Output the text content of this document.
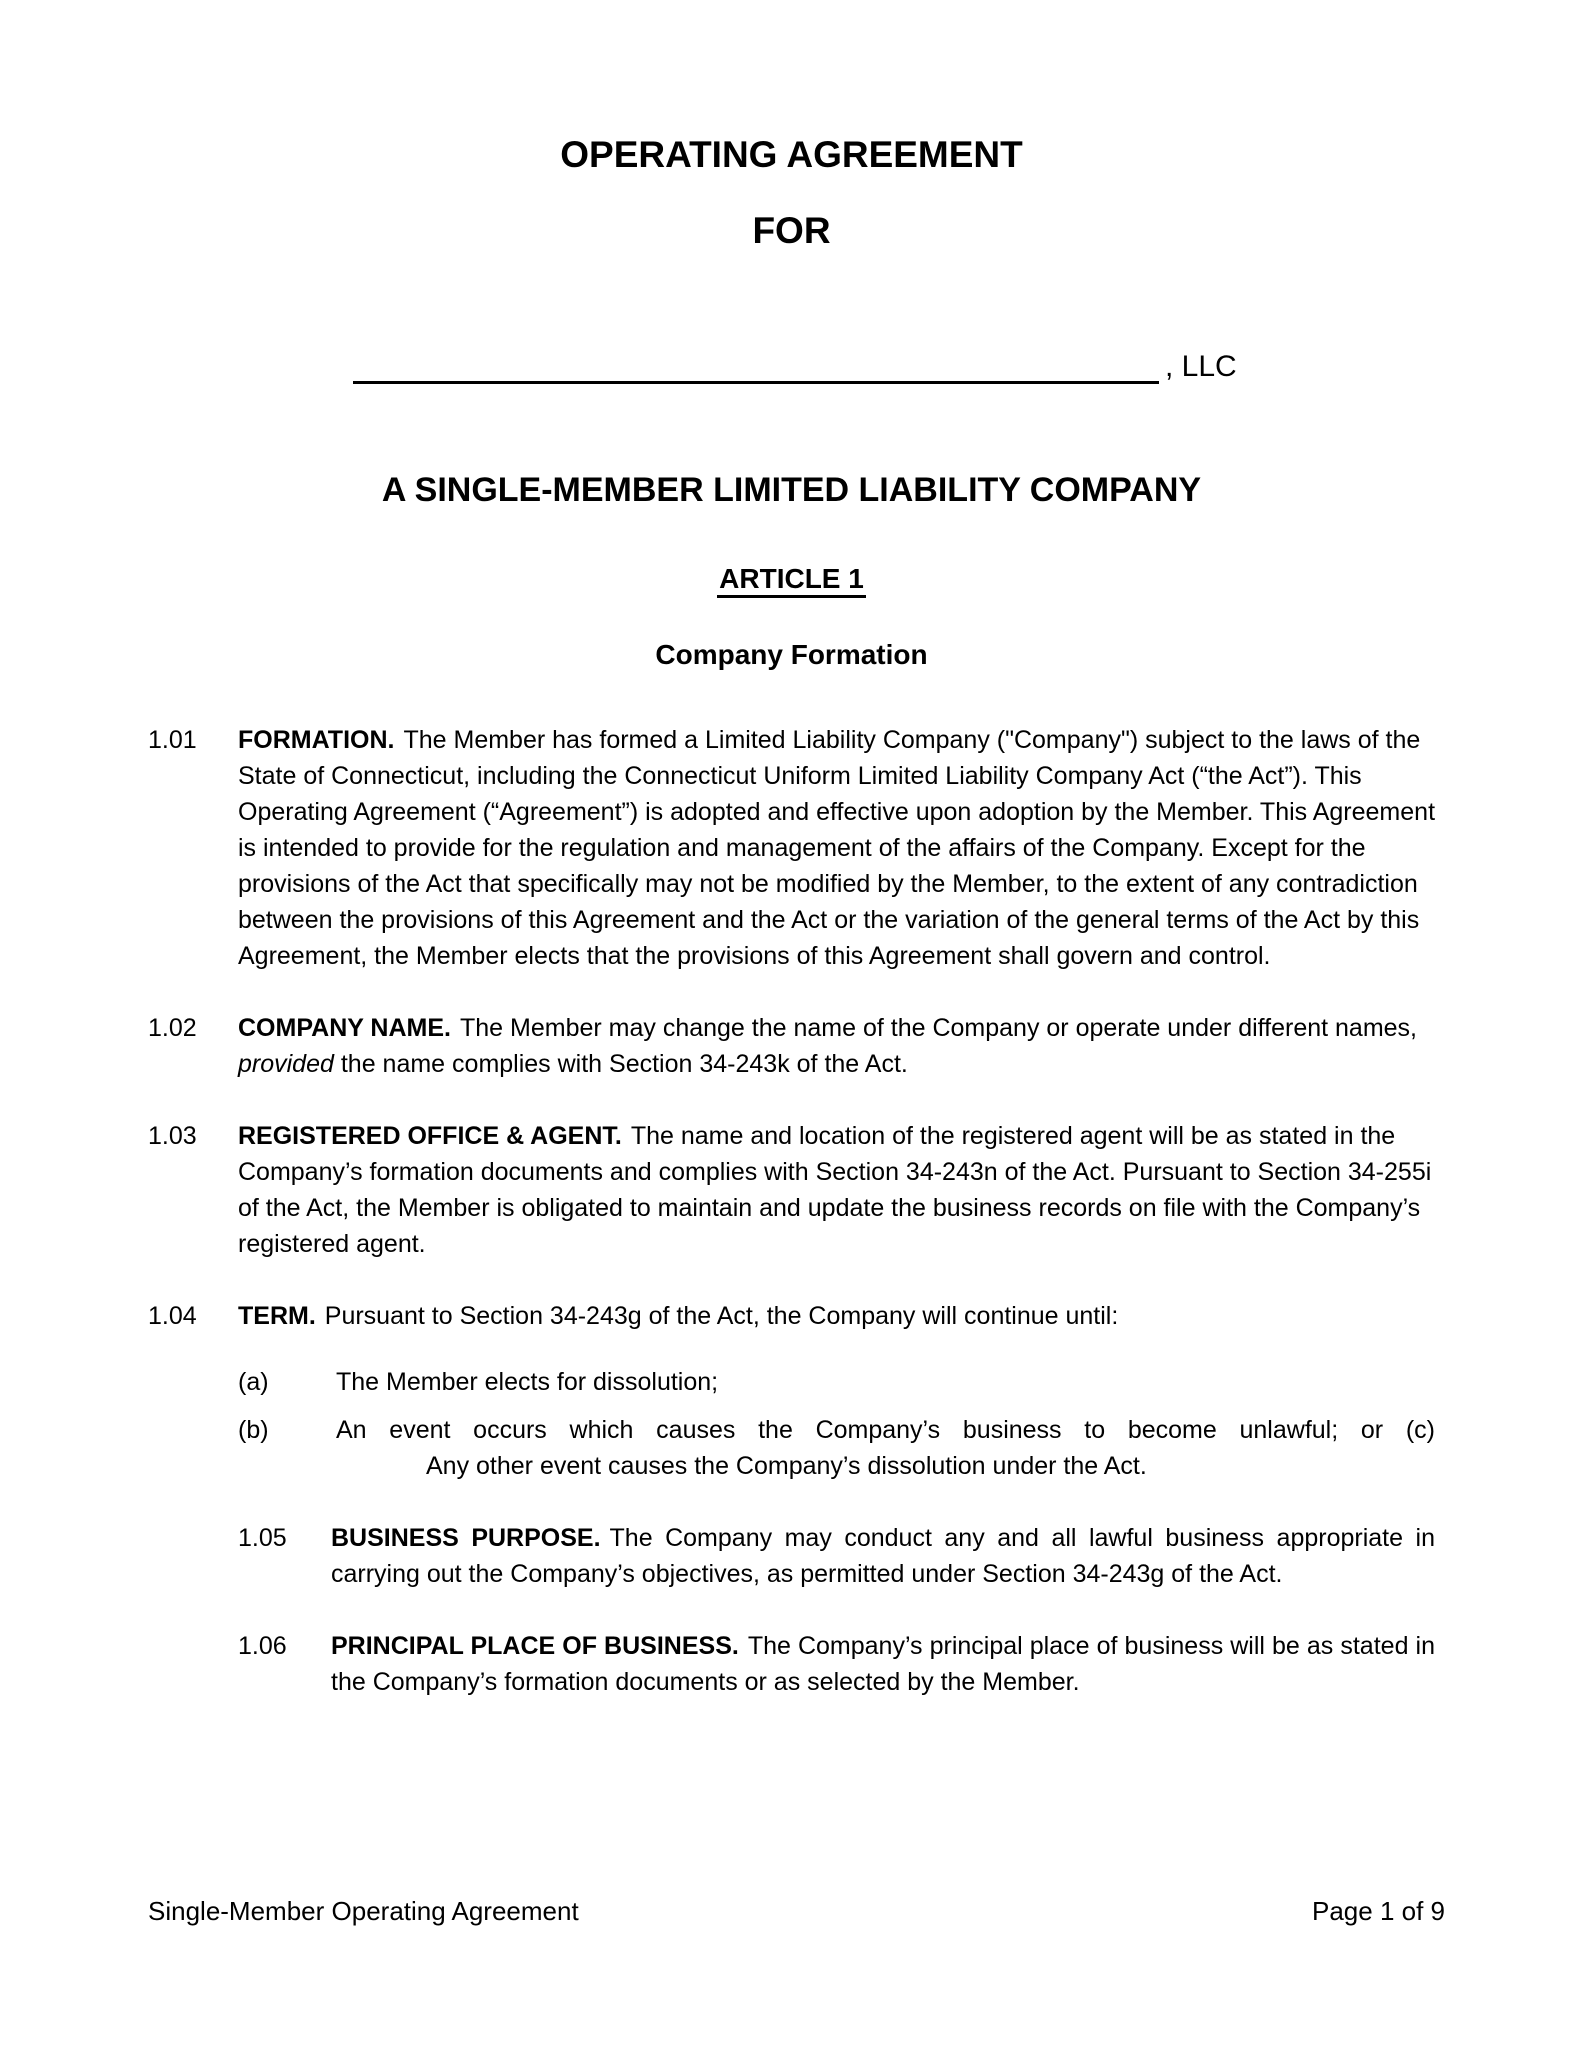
OPERATING AGREEMENT
FOR
, LLC
A SINGLE-MEMBER LIMITED LIABILITY COMPANY
ARTICLE 1
Company Formation
1.01	FORMATION. The Member has formed a Limited Liability Company ("Company") subject to the laws of the State of Connecticut, including the Connecticut Uniform Limited Liability Company Act (“the Act”). This Operating Agreement (“Agreement”) is adopted and effective upon adoption by the Member. This Agreement is intended to provide for the regulation and management of the affairs of the Company. Except for the provisions of the Act that specifically may not be modified by the Member, to the extent of any contradiction between the provisions of this Agreement and the Act or the variation of the general terms of the Act by this Agreement, the Member elects that the provisions of this Agreement shall govern and control.
1.02	COMPANY NAME. The Member may change the name of the Company or operate under different names, provided the name complies with Section 34-243k of the Act.
1.03	REGISTERED OFFICE & AGENT. The name and location of the registered agent will be as stated in the Company’s formation documents and complies with Section 34-243n of the Act. Pursuant to Section 34-255i of the Act, the Member is obligated to maintain and update the business records on file with the Company’s registered agent.
1.04	TERM. Pursuant to Section 34-243g of the Act, the Company will continue until:
(a)	The Member elects for dissolution;
(b)	An event occurs which causes the Company’s business to become unlawful; or (c)
Any other event causes the Company’s dissolution under the Act.
1.05	BUSINESS PURPOSE. The Company may conduct any and all lawful business appropriate in carrying out the Company’s objectives, as permitted under Section 34-243g of the Act.
1.06	PRINCIPAL PLACE OF BUSINESS. The Company’s principal place of business will be as stated in the Company’s formation documents or as selected by the Member.
Single-Member Operating Agreement	Page 1 of 9
